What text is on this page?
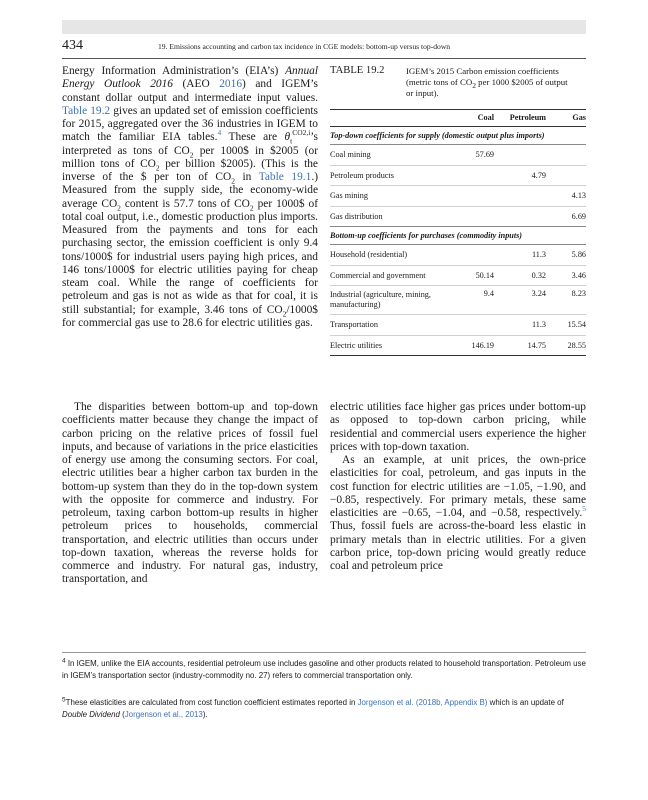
434	19. Emissions accounting and carbon tax incidence in CGE models: bottom-up versus top-down

Energy Information Administration’s (EIA’s) Annual Energy Outlook 2016 (AEO 2016) and IGEM’s constant dollar output and intermediate input values. Table 19.2 gives an updated set of emission coefficients for 2015, aggregated over the 36 industries in IGEM to match the familiar EIA tables.$^4$ These are $\theta_t^{CO2,i}’s$ interpreted as tons of $CO_2$ per 1000$ in $2005 (or million tons of $CO_2$ per billion $2005). (This is the inverse of the $ per ton of $CO_2$ in Table 19.1.) Measured from the supply side, the economy-wide average $CO_2$ content is 57.7 tons of $CO_2$ per 1000$ of total coal output, i.e., domestic production plus imports. Measured from the payments and tons for each purchasing sector, the emission coefficient is only 9.4 tons/1000$ for industrial users paying high prices, and 146 tons/1000$ for electric utilities paying for cheap steam coal. While the range of coefficients for petroleum and gas is not as wide as that for coal, it is still substantial; for example, 3.46 tons of $CO_2/1000\$$ for commercial gas use to 28.6 for electric utilities gas.

TABLE 19.2 IGEM’s 2015 Carbon emission coefficients (metric tons of $CO_2$ per 1000 $2005 of output or input).
	Coal	Petroleum	Gas
Top-down coefficients for supply (domestic output plus imports)			
Coal mining	57.69		
Petroleum products		4.79	
Gas mining			4.13
Gas distribution			6.69
Bottom-up coefficients for purchases (commodity inputs)			
Household (residential)		11.3	5.86
Commercial and government	50.14	0.32	3.46
Industrial (agriculture, mining, manufacturing)	9.4	3.24	8.23
Transportation		11.3	15.54
Electric utilities	146.19	14.75	28.55

The disparities between bottom-up and top-down coefficients matter because they change the impact of carbon pricing on the relative prices of fossil fuel inputs, and because of variations in the price elasticities of energy use among the consuming sectors. For coal, electric utilities bear a higher carbon tax burden in the bottom-up system than they do in the top-down system with the opposite for commerce and industry. For petroleum, taxing carbon bottom-up results in higher petroleum prices to households, commercial transportation, and electric utilities than occurs under top-down taxation, whereas the reverse holds for commerce and industry. For natural gas, industry, transportation, and

electric utilities face higher gas prices under bottom-up as opposed to top-down carbon pricing, while residential and commercial users experience the higher prices with top-down taxation.

As an example, at unit prices, the own-price elasticities for coal, petroleum, and gas inputs in the cost function for electric utilities are −1.05, −1.90, and −0.85, respectively. For primary metals, these same elasticities are −0.65, −1.04, and −0.58, respectively.$^5$ Thus, fossil fuels are across-the-board less elastic in primary metals than in electric utilities. For a given carbon price, top-down pricing would greatly reduce coal and petroleum price

$^4$ In IGEM, unlike the EIA accounts, residential petroleum use includes gasoline and other products related to household transportation. Petroleum use in IGEM’s transportation sector (industry-commodity no. 27) refers to commercial transportation only.
$^5$These elasticities are calculated from cost function coefficient estimates reported in Jorgenson et al. (2018b, Appendix B) which is an update of Double Dividend (Jorgenson et al., 2013).
